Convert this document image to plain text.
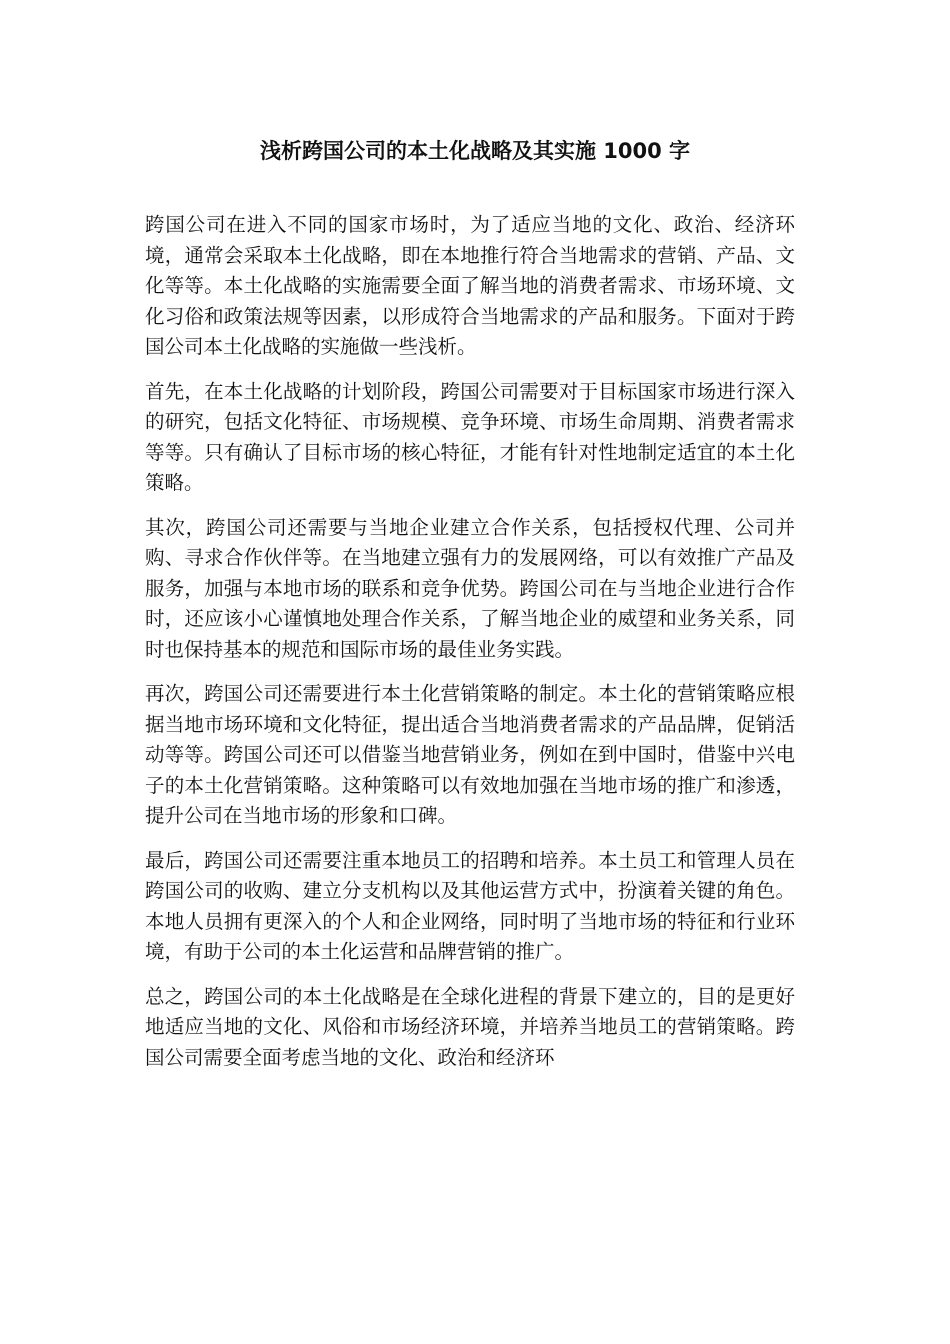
浅析跨国公司的本土化战略及其实施 1000 字

跨国公司在进入不同的国家市场时，为了适应当地的文化、政治、经济环境，通常会采取本土化战略，即在本地推行符合当地需求的营销、产品、文化等等。本土化战略的实施需要全面了解当地的消费者需求、市场环境、文化习俗和政策法规等因素，以形成符合当地需求的产品和服务。下面对于跨国公司本土化战略的实施做一些浅析。

首先，在本土化战略的计划阶段，跨国公司需要对于目标国家市场进行深入的研究，包括文化特征、市场规模、竞争环境、市场生命周期、消费者需求等等。只有确认了目标市场的核心特征，才能有针对性地制定适宜的本土化策略。

其次，跨国公司还需要与当地企业建立合作关系，包括授权代理、公司并购、寻求合作伙伴等。在当地建立强有力的发展网络，可以有效推广产品及服务，加强与本地市场的联系和竞争优势。跨国公司在与当地企业进行合作时，还应该小心谨慎地处理合作关系，了解当地企业的威望和业务关系，同时也保持基本的规范和国际市场的最佳业务实践。

再次，跨国公司还需要进行本土化营销策略的制定。本土化的营销策略应根据当地市场环境和文化特征，提出适合当地消费者需求的产品品牌，促销活动等等。跨国公司还可以借鉴当地营销业务，例如在到中国时，借鉴中兴电子的本土化营销策略。这种策略可以有效地加强在当地市场的推广和渗透，提升公司在当地市场的形象和口碑。

最后，跨国公司还需要注重本地员工的招聘和培养。本土员工和管理人员在跨国公司的收购、建立分支机构以及其他运营方式中，扮演着关键的角色。本地人员拥有更深入的个人和企业网络，同时明了当地市场的特征和行业环境，有助于公司的本土化运营和品牌营销的推广。

总之，跨国公司的本土化战略是在全球化进程的背景下建立的，目的是更好地适应当地的文化、风俗和市场经济环境，并培养当地员工的营销策略。跨国公司需要全面考虑当地的文化、政治和经济环
